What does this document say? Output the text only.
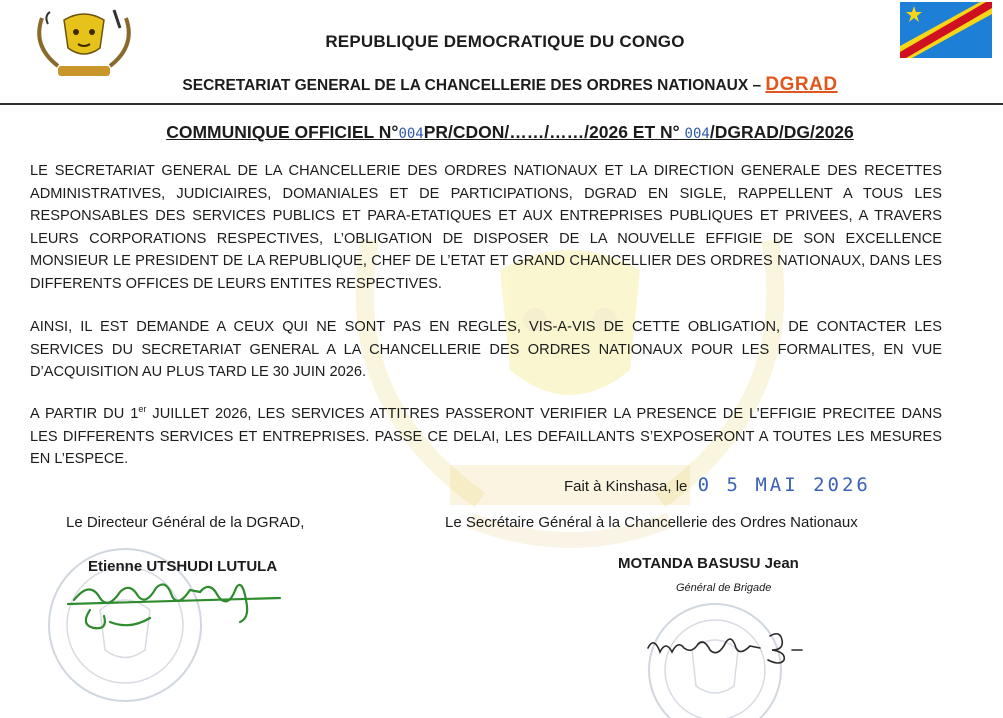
REPUBLIQUE DEMOCRATIQUE DU CONGO
SECRETARIAT GENERAL DE LA CHANCELLERIE DES ORDRES NATIONAUX – DGRAD
COMMUNIQUE OFFICIEL N°004PR/CDON/……/……/2026 ET N° 004/DGRAD/DG/2026

LE SECRETARIAT GENERAL DE LA CHANCELLERIE DES ORDRES NATIONAUX ET LA DIRECTION GENERALE DES RECETTES ADMINISTRATIVES, JUDICIAIRES, DOMANIALES ET DE PARTICIPATIONS, DGRAD EN SIGLE, RAPPELLENT A TOUS LES RESPONSABLES DES SERVICES PUBLICS ET PARA-ETATIQUES ET AUX ENTREPRISES PUBLIQUES ET PRIVEES, A TRAVERS LEURS CORPORATIONS RESPECTIVES, L’OBLIGATION DE DISPOSER DE LA NOUVELLE EFFIGIE DE SON EXCELLENCE MONSIEUR LE PRESIDENT DE LA REPUBLIQUE, CHEF DE L’ETAT ET GRAND CHANCELLIER DES ORDRES NATIONAUX, DANS LES DIFFERENTS OFFICES DE LEURS ENTITES RESPECTIVES.

AINSI, IL EST DEMANDE A CEUX QUI NE SONT PAS EN REGLES, VIS-A-VIS DE CETTE OBLIGATION, DE CONTACTER LES SERVICES DU SECRETARIAT GENERAL A LA CHANCELLERIE DES ORDRES NATIONAUX POUR LES FORMALITES, EN VUE D’ACQUISITION AU PLUS TARD LE 30 JUIN 2026.

A PARTIR DU 1er JUILLET 2026, LES SERVICES ATTITRES PASSERONT VERIFIER LA PRESENCE DE L’EFFIGIE PRECITEE DANS LES DIFFERENTS SERVICES ET ENTREPRISES. PASSE CE DELAI, LES DEFAILLANTS S’EXPOSERONT A TOUTES LES MESURES EN L’ESPECE.

Fait à Kinshasa, le 0 5 MAI 2026
Le Directeur Général de la DGRAD,	Le Secrétaire Général à la Chancellerie des Ordres Nationaux
Etienne UTSHUDI LUTULA	MOTANDA BASUSU Jean
Général de Brigade
